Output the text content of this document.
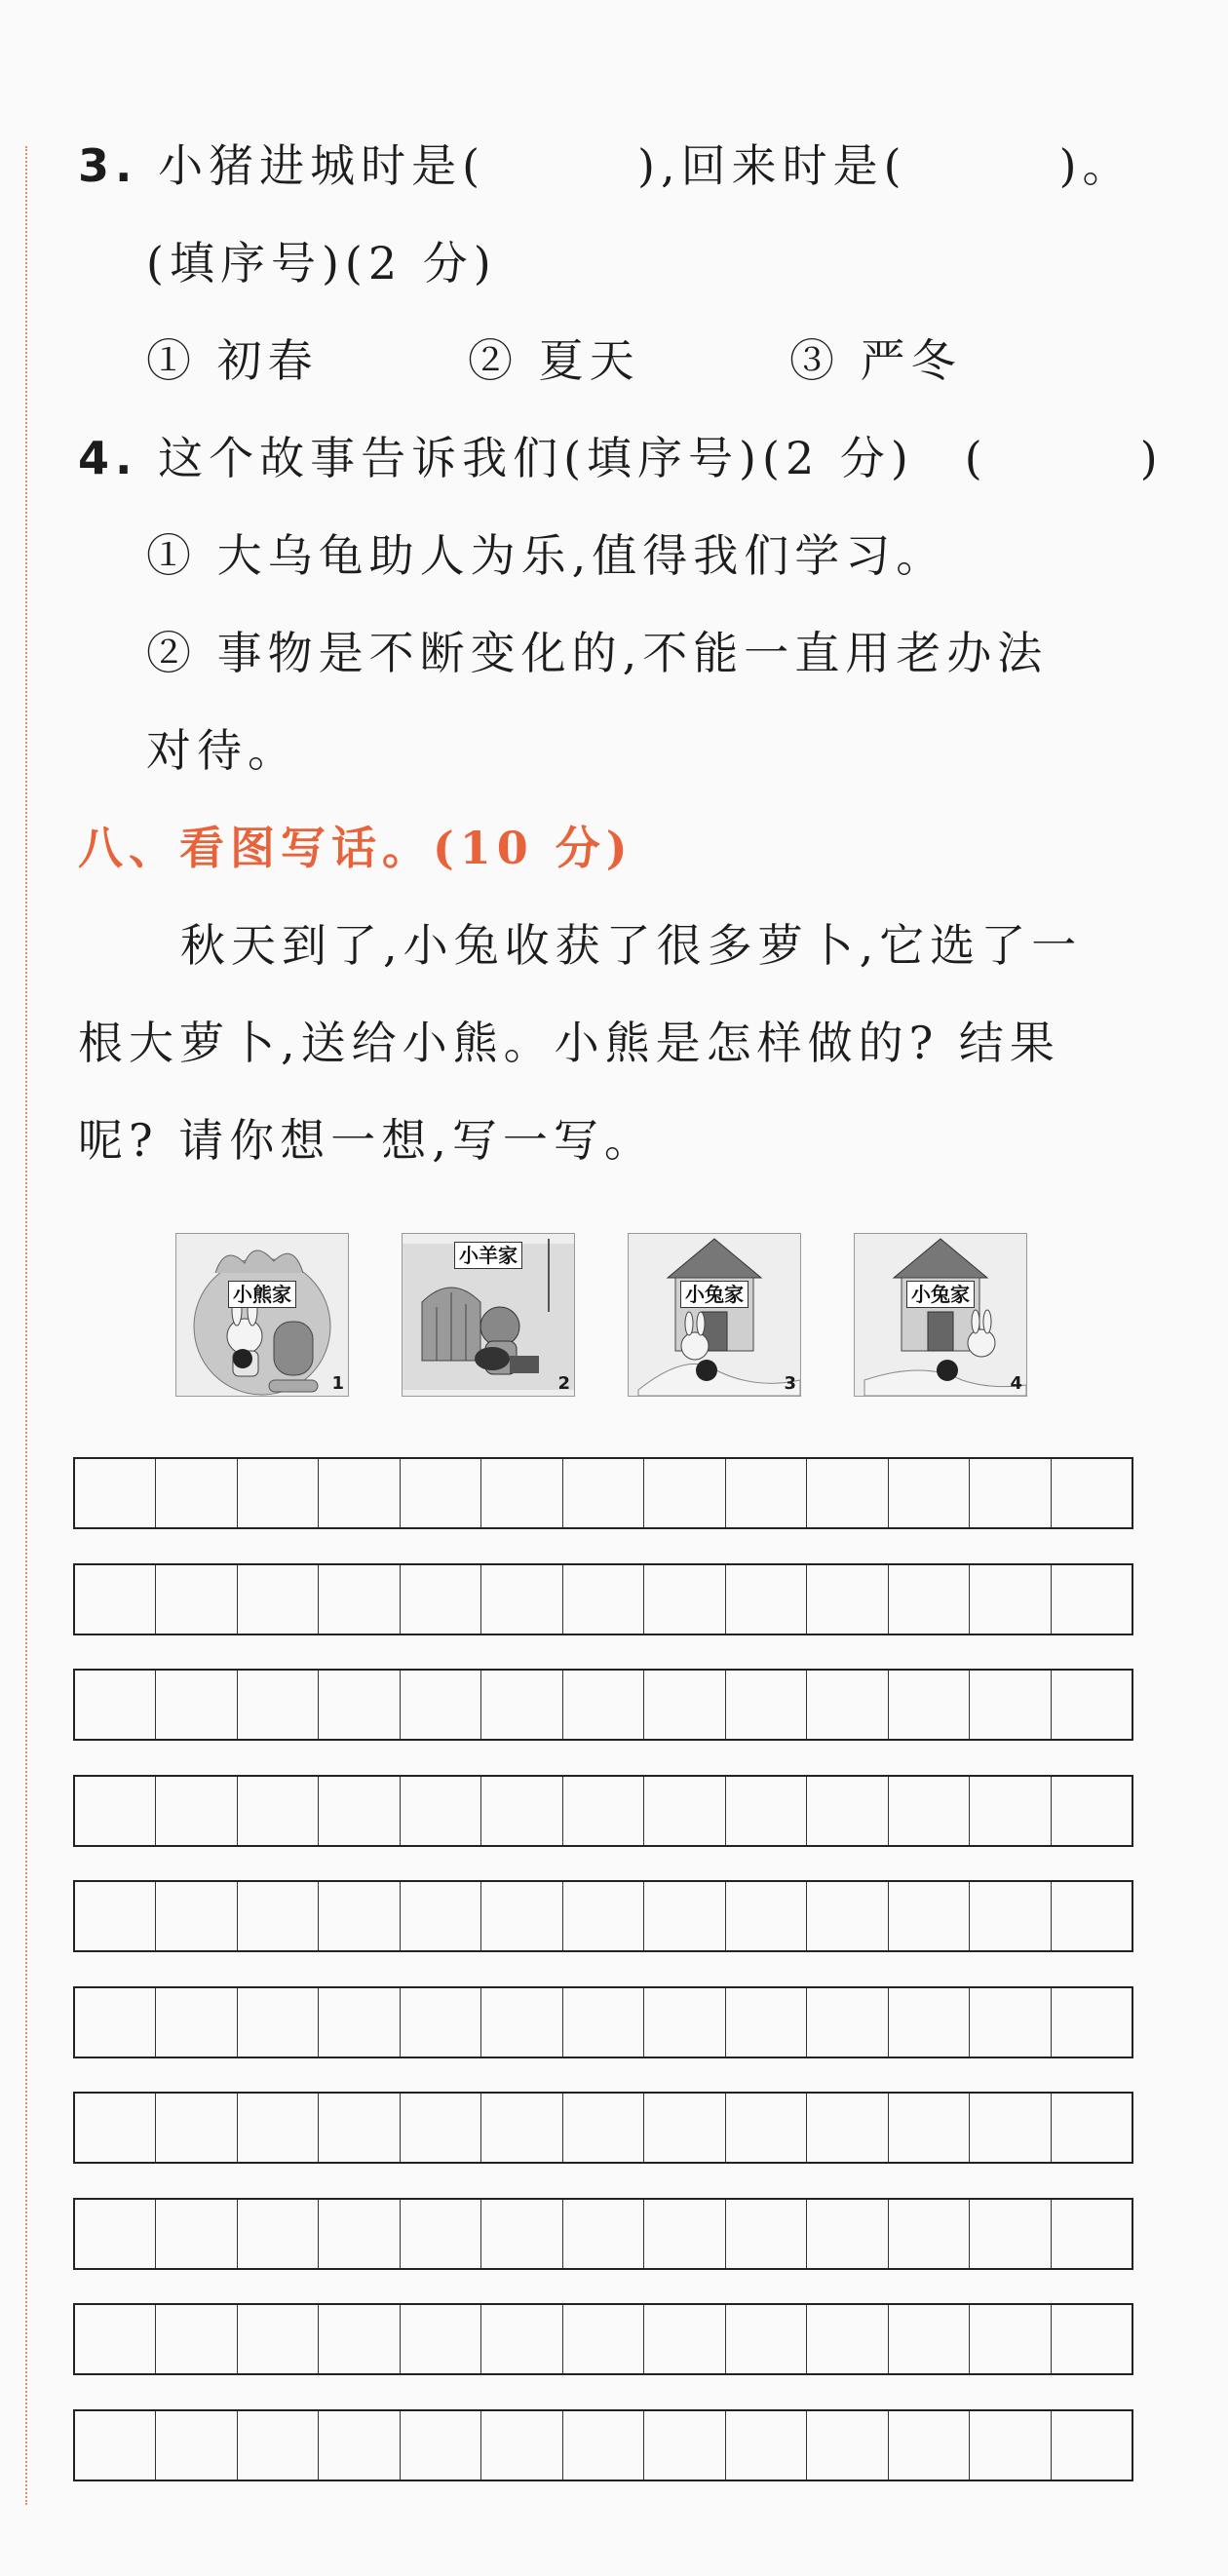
3. 小猪进城时是(　　　),回来时是(　　　)。
(填序号)(2 分)
① 初春	② 夏天	③ 严冬
4. 这个故事告诉我们(填序号)(2 分)　(　　　)
① 大乌龟助人为乐,值得我们学习。
② 事物是不断变化的,不能一直用老办法
对待。
八、看图写话。(10 分)
秋天到了,小兔收获了很多萝卜,它选了一
根大萝卜,送给小熊。小熊是怎样做的? 结果
呢? 请你想一想,写一写。
小熊家
1
小羊家
2
小兔家
3
小兔家
4
